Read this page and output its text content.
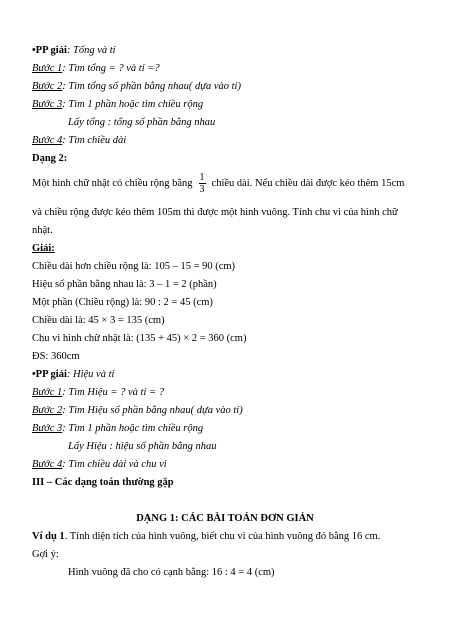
•PP giải: Tổng và tỉ
Bước 1: Tìm tổng = ? và tỉ =?
Bước 2: Tìm tổng số phần bằng nhau( dựa vào tỉ)
Bước 3: Tìm 1 phần hoặc tìm chiều rộng
Lấy tổng : tổng số phần bằng nhau
Bước 4: Tìm chiều dài
Dạng 2:
Một hình chữ nhật có chiều rộng bằng $\frac{1}{3}$ chiều dài. Nếu chiều dài được kéo thêm 15cm
và chiều rộng được kéo thêm 105m thì được một hình vuông. Tính chu vi của hình chữ
nhật.
Giải:
Chiều dài hơn chiều rộng là: 105 – 15 = 90 (cm)
Hiệu số phần bằng nhau là: 3 – 1 = 2 (phần)
Một phần (Chiều rộng) là: 90 : 2 = 45 (cm)
Chiều dài là: 45 × 3 = 135 (cm)
Chu vi hình chữ nhật là: (135 + 45) × 2 = 360 (cm)
ĐS: 360cm
•PP giải: Hiệu và tỉ
Bước 1: Tìm Hiệu = ? và tỉ = ?
Bước 2: Tìm Hiệu số phần bằng nhau( dựa vào tỉ)
Bước 3: Tìm 1 phần hoặc tìm chiều rộng
Lấy Hiệu : hiệu số phần bằng nhau
Bước 4: Tìm chiều dài và chu vi
III – Các dạng toán thường gặp
DẠNG 1: CÁC BÀI TOÁN ĐƠN GIẢN
Ví dụ 1. Tính diện tích của hình vuông, biết chu vi của hình vuông đó bằng 16 cm.
Gợi ý:
Hình vuông đã cho có cạnh bằng: 16 : 4 = 4 (cm)
